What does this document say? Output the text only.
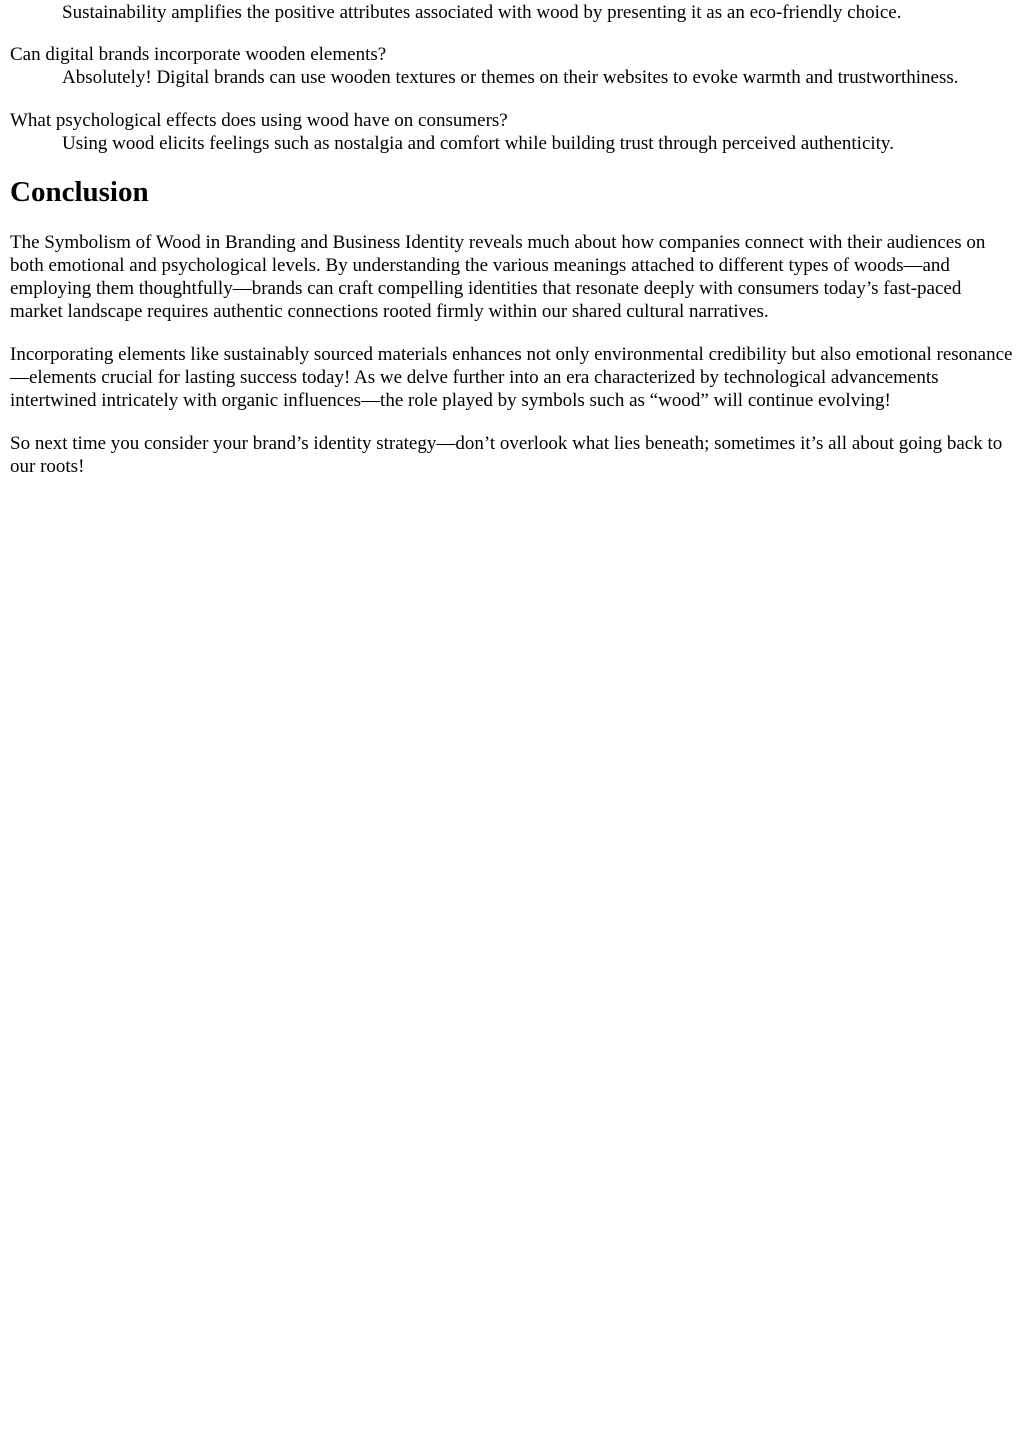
Sustainability amplifies the positive attributes associated with wood by presenting it as an eco-friendly choice.
Can digital brands incorporate wooden elements?
Absolutely! Digital brands can use wooden textures or themes on their websites to evoke warmth and trustworthiness.
What psychological effects does using wood have on consumers?
Using wood elicits feelings such as nostalgia and comfort while building trust through perceived authenticity.
Conclusion

The Symbolism of Wood in Branding and Business Identity reveals much about how companies connect with their audiences on both emotional and psychological levels. By understanding the various meanings attached to different types of woods—and employing them thoughtfully—brands can craft compelling identities that resonate deeply with consumers today’s fast-paced market landscape requires authentic connections rooted firmly within our shared cultural narratives.

Incorporating elements like sustainably sourced materials enhances not only environmental credibility but also emotional resonance—elements crucial for lasting success today! As we delve further into an era characterized by technological advancements intertwined intricately with organic influences—the role played by symbols such as “wood” will continue evolving!

So next time you consider your brand’s identity strategy—don’t overlook what lies beneath; sometimes it’s all about going back to our roots!
